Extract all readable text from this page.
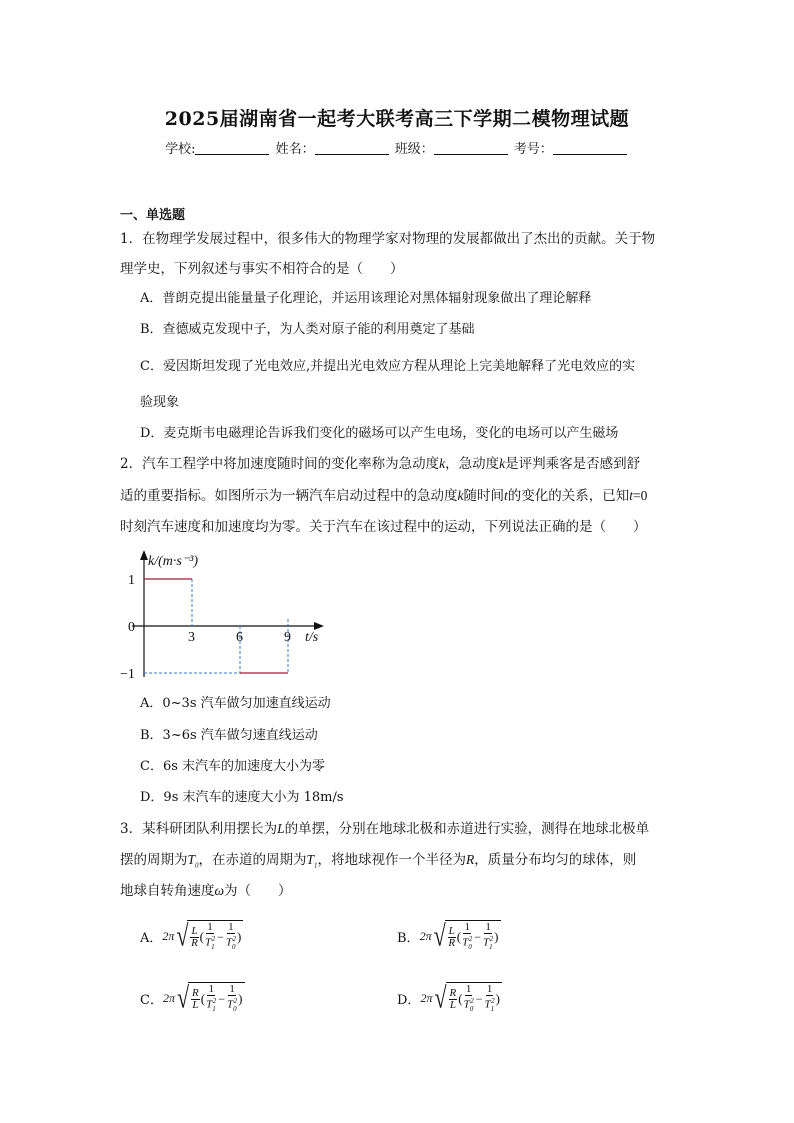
2025届湖南省一起考大联考高三下学期二模物理试题
学校:	姓名：	班级：	考号：
一、单选题
1．在物理学发展过程中，很多伟大的物理学家对物理的发展都做出了杰出的贡献。关于物
理学史，下列叙述与事实不相符合的是（　　）
A．普朗克提出能量量子化理论，并运用该理论对黑体辐射现象做出了理论解释
B．查德威克发现中子，为人类对原子能的利用奠定了基础
C．爱因斯坦发现了光电效应,并提出光电效应方程从理论上完美地解释了光电效应的实
验现象
D．麦克斯韦电磁理论告诉我们变化的磁场可以产生电场，变化的电场可以产生磁场
2．汽车工程学中将加速度随时间的变化率称为急动度k，急动度k是评判乘客是否感到舒
适的重要指标。如图所示为一辆汽车启动过程中的急动度k随时间t的变化的关系，已知t=0
时刻汽车速度和加速度均为零。关于汽车在该过程中的运动，下列说法正确的是（　　）
3	6	9
1
0
−1
k/(m·s⁻³)
t/s
A．0~3s 汽车做匀加速直线运动
B．3~6s 汽车做匀速直线运动
C．6s 末汽车的加速度大小为零
D．9s 末汽车的速度大小为 18m/s
3．某科研团队利用摆长为L的单摆，分别在地球北极和赤道进行实验，测得在地球北极单
摆的周期为$T_0$，在赤道的周期为$T_1$，将地球视作一个半径为R，质量分布均匀的球体，则
地球自转角速度ω为（　　）
A． 2π √ $\frac{L}{R}$ ( $\frac{1}{T_1^2} - \frac{1}{T_0^2}$ )	B． 2π √ $\frac{L}{R}$ ( $\frac{1}{T_0^2} - \frac{1}{T_1^2}$ )
C． 2π √ $\frac{R}{L}$ ( $\frac{1}{T_1^2} - \frac{1}{T_0^2}$ )	D． 2π √ $\frac{R}{L}$ ( $\frac{1}{T_0^2} - \frac{1}{T_1^2}$ )
